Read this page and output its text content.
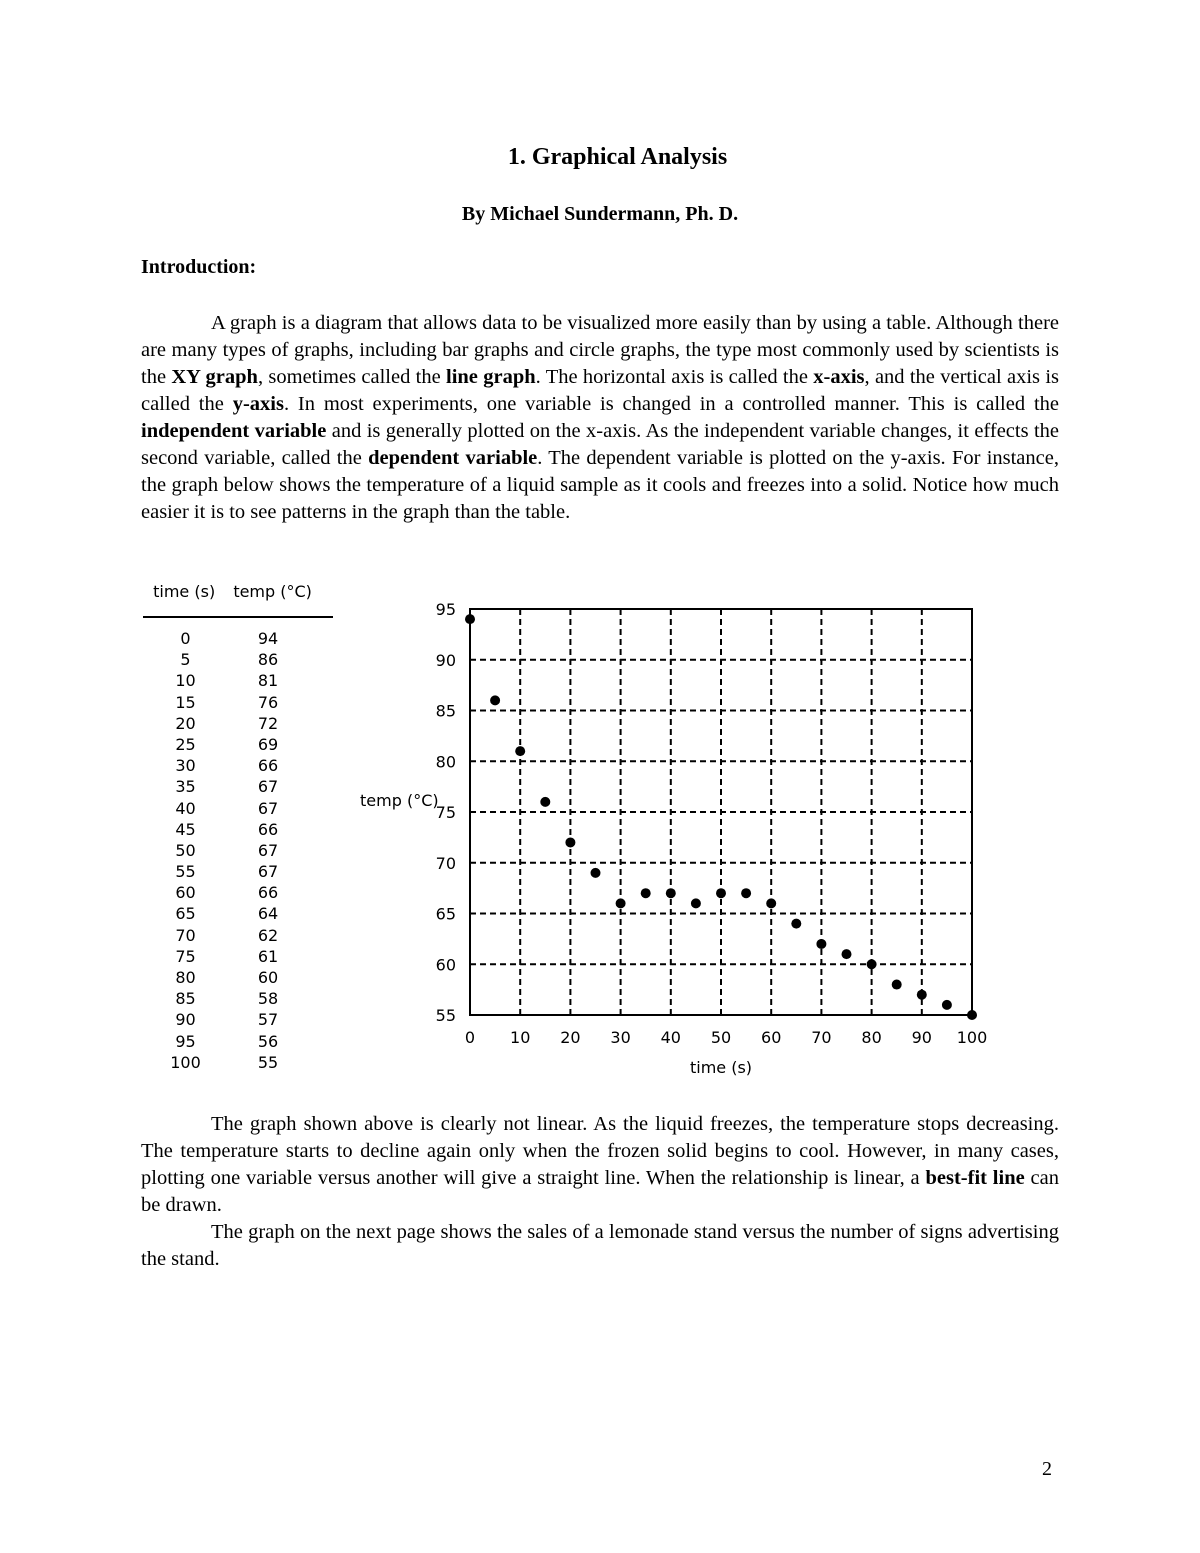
1. Graphical Analysis
By Michael Sundermann, Ph. D.
Introduction:

A graph is a diagram that allows data to be visualized more easily than by using a table. Although there are many types of graphs, including bar graphs and circle graphs, the type most commonly used by scientists is the XY graph, sometimes called the line graph. The horizontal axis is called the x-axis, and the vertical axis is called the y-axis. In most experiments, one variable is changed in a controlled manner. This is called the independent variable and is generally plotted on the x-axis. As the independent variable changes, it effects the second variable, called the dependent variable. The dependent variable is plotted on the y-axis. For instance, the graph below shows the temperature of a liquid sample as it cools and freezes into a solid. Notice how much easier it is to see patterns in the graph than the table.

time (s)	temp (°C)
0	94
5	86
10	81
15	76
20	72
25	69
30	66
35	67
40	67
45	66
50	67
55	67
60	66
65	64
70	62
75	61
80	60
85	58
90	57
95	56
100	55
55
60
65
70
75
80
85
90
95
0 10 20 30 40 50 60 70 80 90 100
time (s)
temp (°C)

The graph shown above is clearly not linear. As the liquid freezes, the temperature stops decreasing. The temperature starts to decline again only when the frozen solid begins to cool. However, in many cases, plotting one variable versus another will give a straight line. When the relationship is linear, a best-fit line can be drawn.

The graph on the next page shows the sales of a lemonade stand versus the number of signs advertising the stand.

2
